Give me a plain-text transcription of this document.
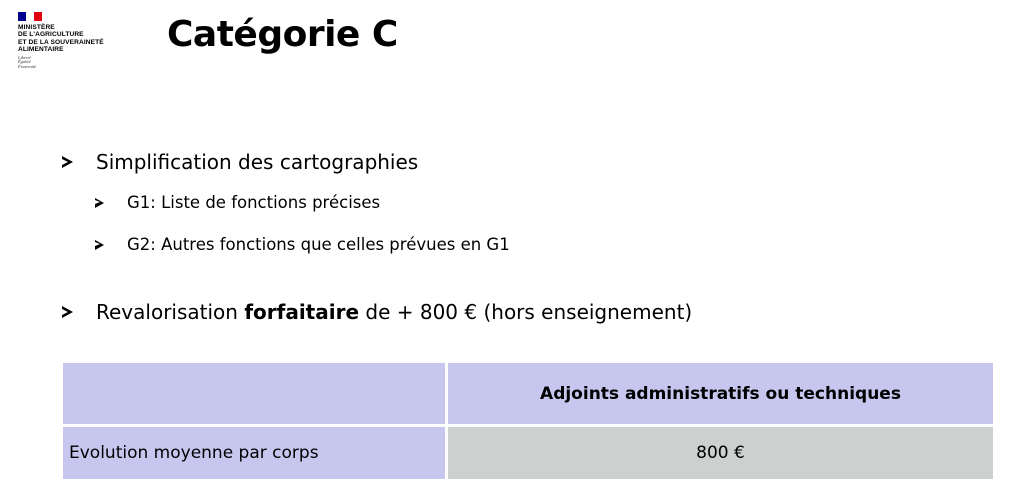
MINISTÈRE
DE L'AGRICULTURE
ET DE LA SOUVERAINETÉ
ALIMENTAIRE
Liberté
Égalité
Fraternité
Catégorie C
Simplification des cartographies
G1: Liste de fonctions précises
G2: Autres fonctions que celles prévues en G1
Revalorisation forfaitaire de + 800 € (hors enseignement)
	Adjoints administratifs ou techniques
Evolution moyenne par corps	800 €
